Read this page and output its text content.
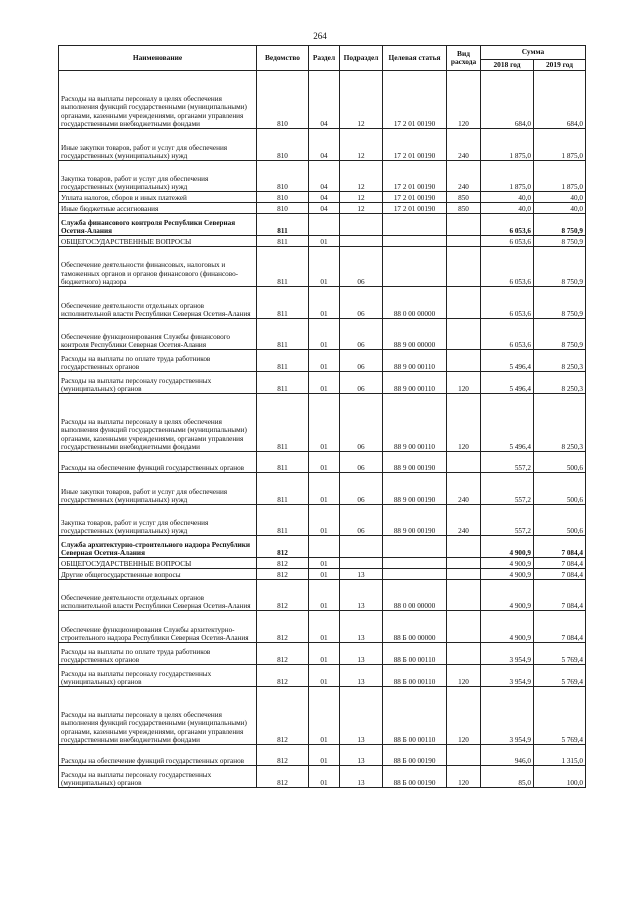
264
Наименование	Ведомство	Раздел	Подраздел	Целевая статья	Вид расхода	Сумма	
						2018 год	2019 год
Расходы на выплаты персоналу в целях обеспечения выполнения функций государственными (муниципальными) органами, казенными учреждениями, органами управления государственными внебюджетными фондами	810	04	12	17 2 01 00190	120	684,0	684,0
Иные закупки товаров, работ и услуг для обеспечения государственных (муниципальных) нужд	810	04	12	17 2 01 00190	240	1 875,0	1 875,0
Закупка товаров, работ и услуг для обеспечения государственных (муниципальных) нужд	810	04	12	17 2 01 00190	240	1 875,0	1 875,0
Уплата налогов, сборов и иных платежей	810	04	12	17 2 01 00190	850	40,0	40,0
Иные бюджетные ассигнования	810	04	12	17 2 01 00190	850	40,0	40,0
Служба финансового контроля Республики Северная Осетия-Алания	811					6 053,6	8 750,9
ОБЩЕГОСУДАРСТВЕННЫЕ ВОПРОСЫ	811	01				6 053,6	8 750,9
Обеспечение деятельности финансовых, налоговых и таможенных органов и органов финансового (финансово-бюджетного) надзора	811	01	06			6 053,6	8 750,9
Обеспечение деятельности отдельных органов исполнительной власти Республики Северная Осетия-Алания	811	01	06	88 0 00 00000		6 053,6	8 750,9
Обеспечение функционирования Службы финансового контроля Республики Северная Осетия-Алания	811	01	06	88 9 00 00000		6 053,6	8 750,9
Расходы на выплаты по оплате труда работников государственных органов	811	01	06	88 9 00 00110		5 496,4	8 250,3
Расходы на выплаты персоналу государственных (муниципальных) органов	811	01	06	88 9 00 00110	120	5 496,4	8 250,3
Расходы на выплаты персоналу в целях обеспечения выполнения функций государственными (муниципальными) органами, казенными учреждениями, органами управления государственными внебюджетными фондами	811	01	06	88 9 00 00110	120	5 496,4	8 250,3
Расходы на обеспечение функций государственных органов	811	01	06	88 9 00 00190		557,2	500,6
Иные закупки товаров, работ и услуг для обеспечения государственных (муниципальных) нужд	811	01	06	88 9 00 00190	240	557,2	500,6
Закупка товаров, работ и услуг для обеспечения государственных (муниципальных) нужд	811	01	06	88 9 00 00190	240	557,2	500,6
Служба архитектурно-строительного надзора Республики Северная Осетия-Алания	812					4 900,9	7 084,4
ОБЩЕГОСУДАРСТВЕННЫЕ ВОПРОСЫ	812	01				4 900,9	7 084,4
Другие общегосударственные вопросы	812	01	13			4 900,9	7 084,4
Обеспечение деятельности отдельных органов исполнительной власти Республики Северная Осетия-Алания	812	01	13	88 0 00 00000		4 900,9	7 084,4
Обеспечение функционирования Службы архитектурно-строительного надзора Республики Северная Осетия-Алания	812	01	13	88 Б 00 00000		4 900,9	7 084,4
Расходы на выплаты по оплате труда работников государственных органов	812	01	13	88 Б 00 00110		3 954,9	5 769,4
Расходы на выплаты персоналу государственных (муниципальных) органов	812	01	13	88 Б 00 00110	120	3 954,9	5 769,4
Расходы на выплаты персоналу в целях обеспечения выполнения функций государственными (муниципальными) органами, казенными учреждениями, органами управления государственными внебюджетными фондами	812	01	13	88 Б 00 00110	120	3 954,9	5 769,4
Расходы на обеспечение функций государственных органов	812	01	13	88 Б 00 00190		946,0	1 315,0
Расходы на выплаты персоналу государственных (муниципальных) органов	812	01	13	88 Б 00 00190	120	85,0	100,0
